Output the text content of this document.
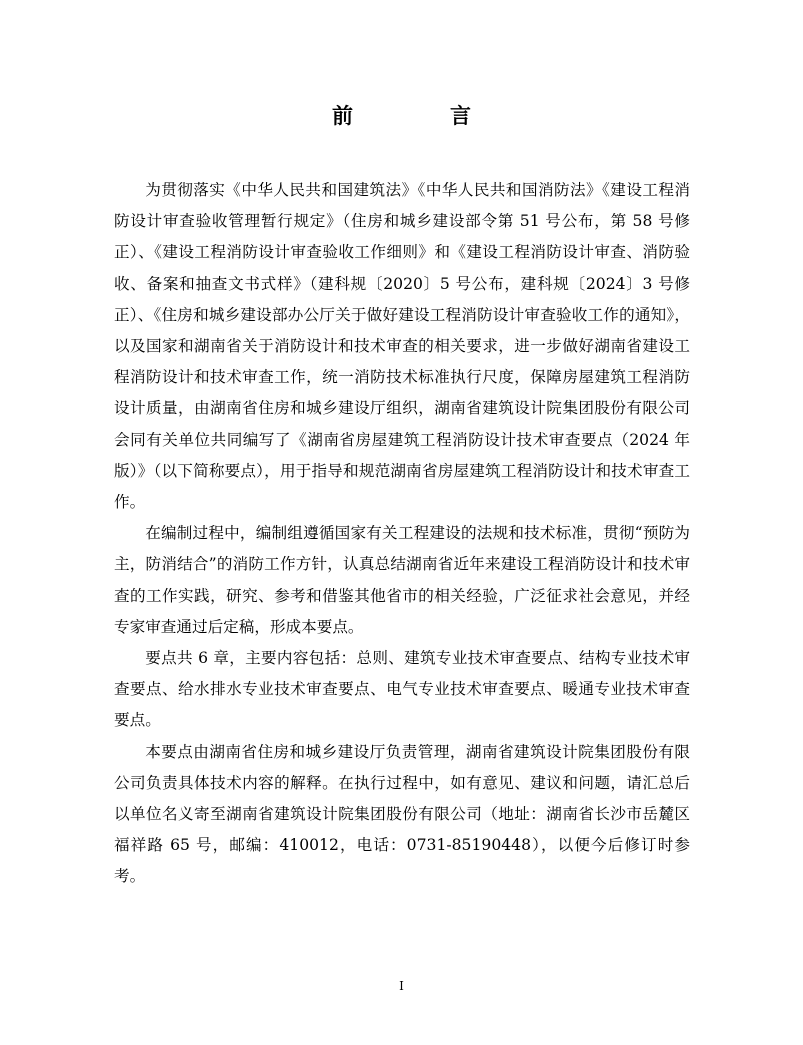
前　言

为贯彻落实《中华人民共和国建筑法》《中华人民共和国消防法》《建设工程消防设计审查验收管理暂行规定》（住房和城乡建设部令第 51 号公布，第 58 号修正）、《建设工程消防设计审查验收工作细则》和《建设工程消防设计审查、消防验收、备案和抽查文书式样》（建科规〔2020〕5 号公布，建科规〔2024〕3 号修正）、《住房和城乡建设部办公厅关于做好建设工程消防设计审查验收工作的通知》，以及国家和湖南省关于消防设计和技术审查的相关要求，进一步做好湖南省建设工程消防设计和技术审查工作，统一消防技术标准执行尺度，保障房屋建筑工程消防设计质量，由湖南省住房和城乡建设厅组织，湖南省建筑设计院集团股份有限公司会同有关单位共同编写了《湖南省房屋建筑工程消防设计技术审查要点（2024 年版）》（以下简称要点），用于指导和规范湖南省房屋建筑工程消防设计和技术审查工作。

在编制过程中，编制组遵循国家有关工程建设的法规和技术标准，贯彻“预防为主，防消结合”的消防工作方针，认真总结湖南省近年来建设工程消防设计和技术审查的工作实践，研究、参考和借鉴其他省市的相关经验，广泛征求社会意见，并经专家审查通过后定稿，形成本要点。

要点共 6 章，主要内容包括：总则、建筑专业技术审查要点、结构专业技术审查要点、给水排水专业技术审查要点、电气专业技术审查要点、暖通专业技术审查要点。

本要点由湖南省住房和城乡建设厅负责管理，湖南省建筑设计院集团股份有限公司负责具体技术内容的解释。在执行过程中，如有意见、建议和问题，请汇总后以单位名义寄至湖南省建筑设计院集团股份有限公司（地址：湖南省长沙市岳麓区福祥路 65 号，邮编：410012，电话：0731-85190448），以便今后修订时参考。

I
